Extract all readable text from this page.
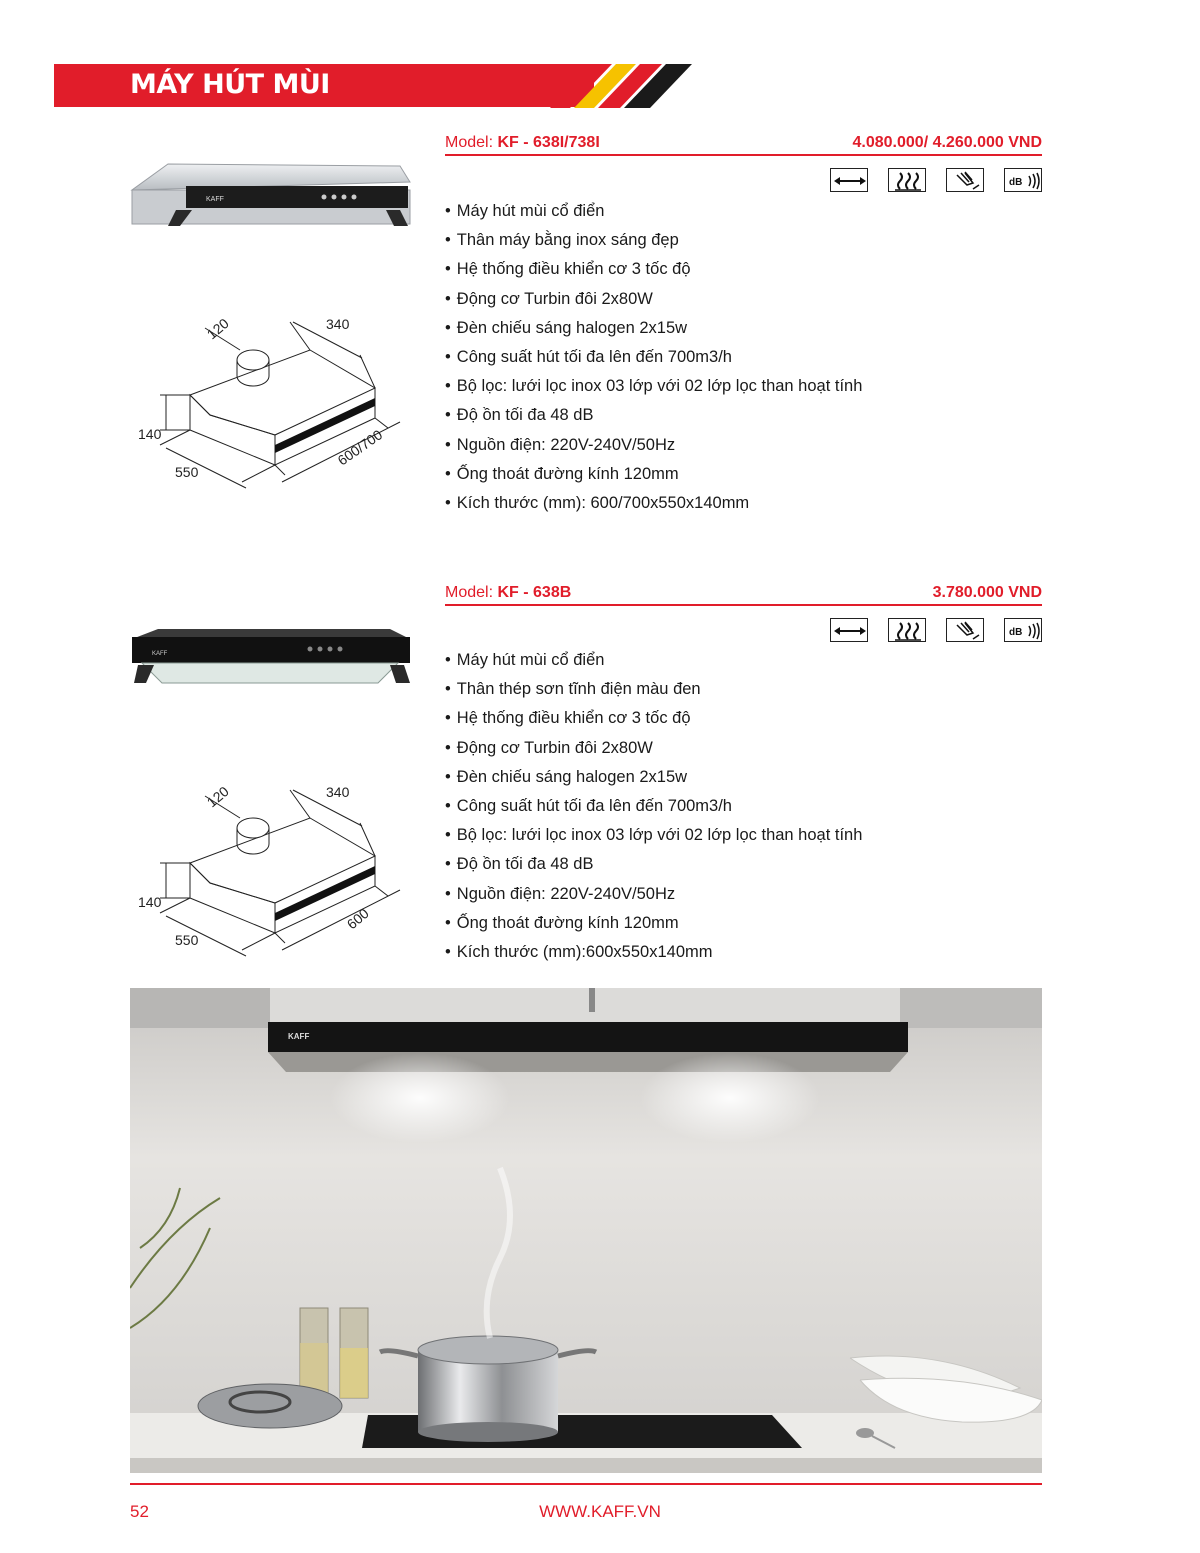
MÁY HÚT MÙI
KAFF
Model: KF - 638I/738I	4.080.000/ 4.260.000 VND
dB
• Máy hút mùi cổ điển
• Thân máy bằng inox sáng đẹp
• Hệ thống điều khiển cơ 3 tốc độ
• Động cơ Turbin đôi 2x80W
• Đèn chiếu sáng halogen 2x15w
• Công suất hút tối đa lên đến 700m3/h
• Bộ lọc: lưới lọc inox 03 lớp với 02 lớp lọc than hoạt tính
• Độ ồn tối đa 48 dB
• Nguồn điện: 220V-240V/50Hz
• Ống thoát đường kính 120mm
• Kích thước (mm): 600/700x550x140mm
120	340
140
550
600/700
KAFF
Model: KF - 638B	3.780.000 VND
dB
• Máy hút mùi cổ điển
• Thân thép sơn tĩnh điện màu đen
• Hệ thống điều khiển cơ 3 tốc độ
• Động cơ Turbin đôi 2x80W
• Đèn chiếu sáng halogen 2x15w
• Công suất hút tối đa lên đến 700m3/h
• Bộ lọc: lưới lọc inox 03 lớp với 02 lớp lọc than hoạt tính
• Độ ồn tối đa 48 dB
• Nguồn điện: 220V-240V/50Hz
• Ống thoát đường kính 120mm
• Kích thước (mm):600x550x140mm
120	340
140
550
600
KAFF
52	WWW.KAFF.VN
